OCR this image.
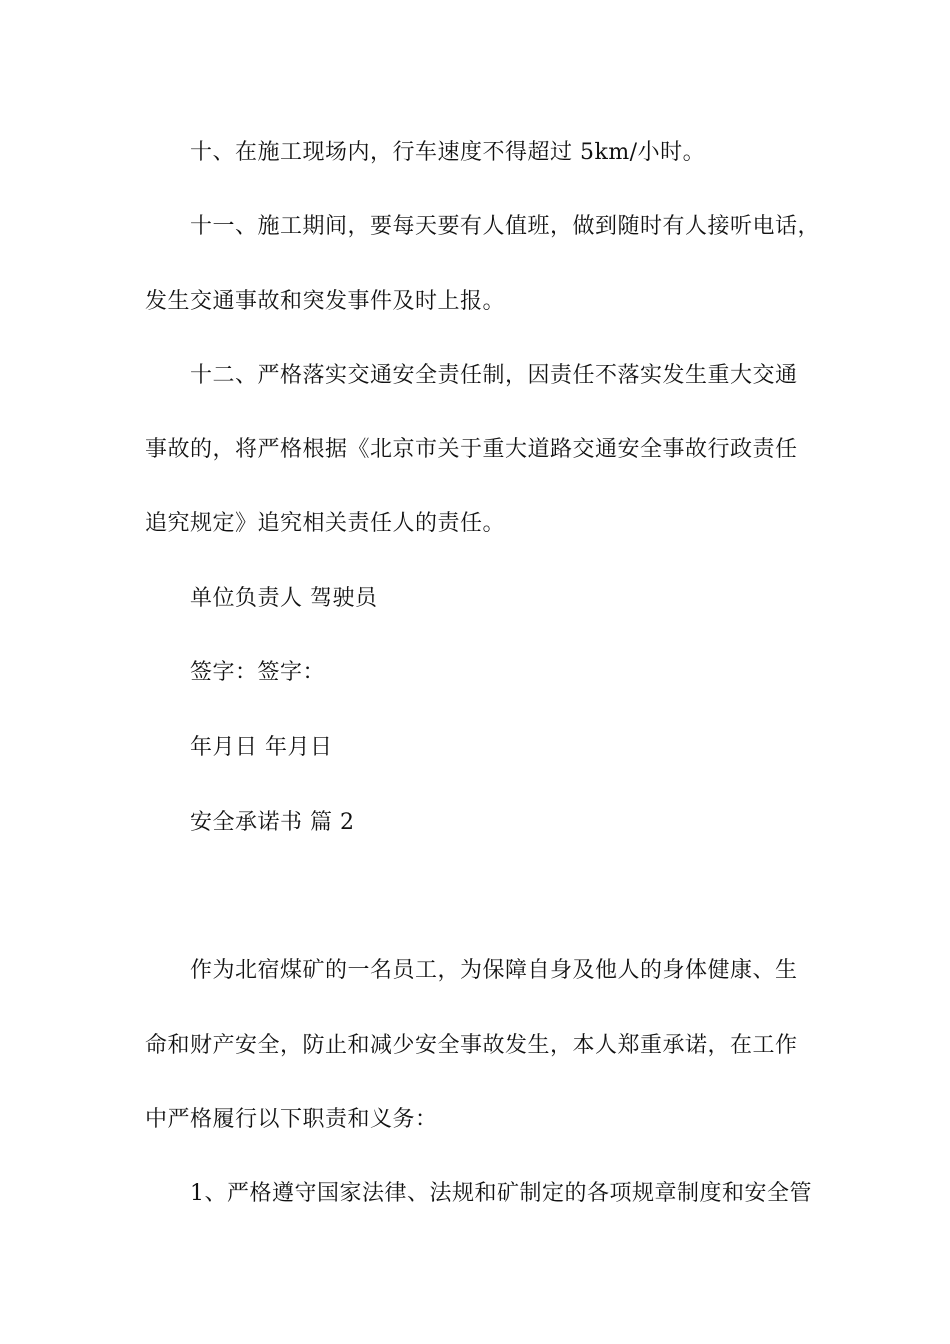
十、在施工现场内，行车速度不得超过 5km/小时。

十一、施工期间，要每天要有人值班，做到随时有人接听电话，

发生交通事故和突发事件及时上报。

十二、严格落实交通安全责任制，因责任不落实发生重大交通

事故的，将严格根据《北京市关于重大道路交通安全事故行政责任

追究规定》追究相关责任人的责任。

单位负责人 驾驶员

签字：签字：

年月日 年月日

安全承诺书 篇 2

作为北宿煤矿的一名员工，为保障自身及他人的身体健康、生

命和财产安全，防止和减少安全事故发生，本人郑重承诺，在工作

中严格履行以下职责和义务：

1、严格遵守国家法律、法规和矿制定的各项规章制度和安全管
